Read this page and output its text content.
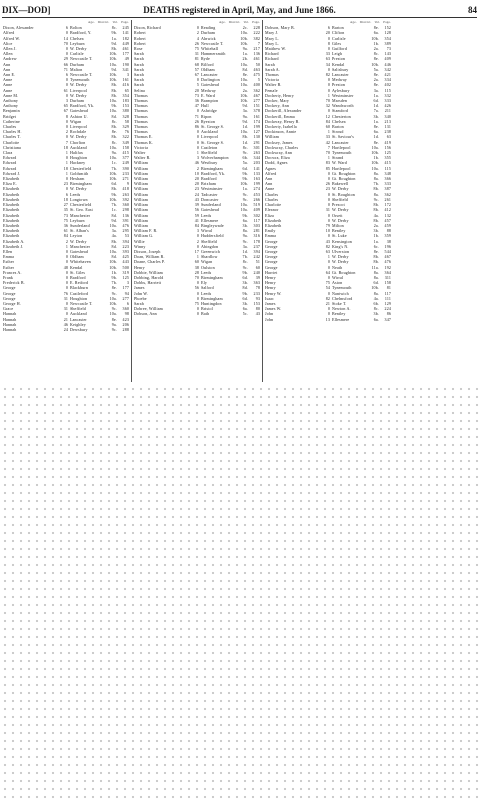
DIX—DOD]	DEATHS registered in April, May, and June 1866.	84
Age. District. Vol. Page.
Dixon, Alexander	6 Bolton	8c.	245
Alfred	0 Bradford, Y.	9b.	141
Alfred W.	14 Chelsea	1a.	182
Alice	70 Leyburn	9d.	449
Allen J.	0 W. Derby	8b.	461
Allen	0 Carlisle	10b.	177
Andrew	29 Newcastle T.	10b.	49
Ann	66 Durham	10a.	190
Ann	71 Malton	9d.	341
Ann E.	6 Newcastle T.	10b.	3
Anne	0 Tynemouth	10b.	161
Anne	0 W. Derby	8b.	416
Anne	61 Liverpool	8b.	65
Anne M.	0 W. Derby	8b.	354
Anthony	3 Durham	10a.	183
Anthony	65 Bradford, Yk.	9b.	153
Benjamin	67 Gateshead	10a.	380
Bridget	8 Ashton U.	8d.	328
Catherine	0 Wigan	8c.	58
Charles	0 Liverpool	8b.	329
Charles H.	2 Rochdale	8e.	76
Charles T.	0 W. Derby	8b.	322
Charlotte	7 Chorlton	8c.	349
Christiana	18 Auckland	10a.	158
Clara	1 Halifax	9a.	415
Edward	0 Houghton	10a.	377
Edward	1 Hackney	1c.	249
Edward	18 Chesterfield	7b.	390
Edward J.	1 Goldsmith	10b.	233
Elizabeth	0 Hexham	10b.	271
Eliza E.	23 Birmingham	6d.	9
Elizabeth	0 W. Derby	8b.	418
Elizabeth	6 Leeds	9b.	263
Elizabeth	18 Longtown	10b.	392
Elizabeth	27 Chesterfield	7b.	360
Elizabeth	35 St. Geo. East	1c.	298
Elizabeth	73 Manchester	8d.	136
Elizabeth	75 Leyburn	9d.	391
Elizabeth	36 Sunderland	10a.	476
Elizabeth	61 St. Alban's	3a.	295
Elizabeth	84 Leyton	4a.	53
Elizabeth A.	2 W. Derby	8b.	394
Elizabeth J.	1 Manchester	8d.	223
Ellen	0 Gateshead	10a.	393
Emma	0 Oldham	8d.	425
Esther	0 Whitehaven	10b.	443
Esther	48 Kendal	10b.	500
Frances A.	0 St. Giles	1b.	319
Frank	0 Bradford	9b.	125
Frederick B.	0 E. Retford	7b.	3
George	0 Blackburn	8e.	177
George	76 Castleford	9c.	94
George	31 Houghton	10a.	277
George H.	0 Newcastle T.	10b.	6
Grace	31 Sheffield	9c.	360
Hannah	0 Auckland	10a.	98
Hannah	21 Lancaster	8e.	423
Hannah	46 Keighley	9a.	206
Hannah	24 Dewsbury	9c.	288
Age. District. Vol. Page.
Dixon, Richard	0 Reading	2c.	228
Robert	2 Durham	10a.	222
Robert	4 Alnwick	10b.	382
Robert	26 Newcastle T.	10b.	7
Rose	75 Whitehall	9a.	217
Sarah	31 Hammersmith	1a.	136
Sarah	81 Ryde	2b.	461
Sarah	68 Bilford	10a.	50
Sarah	57 Oldham	8d.	463
Sarah	67 Lancaster	8e.	475
Sarah	0 Darlington	10a.	5
Sarah	5 Gateshead	10a.	400
Selina	20 Medway	2a.	362
Thomas	73 E. Ward	10b.	467
Thomas	36 Brampton	10b.	277
Thomas	47 Hull	9d.	151
Thomas	0 Ashridge	3a.	378
Thomas	71 Ripon	9a.	161
Thomas	26 Ryeston	9d.	174
Thomas	86 St. George S.	1d.	199
Thomas	0 Auckland	10a.	127
Thomas E.	0 Liverpool	8b.	130
Thomas K.	0 St. George S.	1d.	291
Victoria	0 Castleton	8c.	301
Walter	1 Sheffield	9c.	263
Walter R.	3 Wolverhampton	6b.	344
William	46 Westbury	5a.	203
William	2 Birmingham	6d.	141
William	10 Bradford, Yk.	9b.	133
William	20 Bradford	9b.	163
William	20 Brixham	10b.	199
William	23 Westminster	1a.	274
William	24 Tadcaster	9c.	453
William	43 Doncaster	9c.	266
William	39 Sunderland	10a.	519
William	56 Gateshead	10a.	409
William	59 Leeds	9b.	302
William	41 Ellesmere	6a.	117
William	84 Bingleywade	3b.	303
William F. R.	3 Wirral	8a.	281
William G.	0 Huddersfield	9a.	316
Willie	2 Sheffield	9c.	178
Winny	0 Abingdon	3a.	237
Dixson, Joseph	17 Greenwich	1d.	394
Doan, William R.	1 Shardlow	7b.	242
Doane, Charles P.	60 Wigan	8c.	51
Henry	38 Oulston	9c.	60
Dobbie, William	28 Leeds	9b.	240
Dobbing, Harold	70 Birmingham	6d.	39
Dobbs, Harriett	0 Ely	3b.	363
James	56 Salford	8d.	78
John W.	0 Leeds	9b.	233
Phoebe	0 Birmingham	6d.	93
Sarah	75 Huntingdon	3b.	153
Dobree, William	0 Bristol	6a.	80
Dobson, Ann	0 Bath	5c.	43
Age. District. Vol. Page.
Dobson, Mary B.	6 Barton	8e.	152
Mary J.	20 Clifton	6a.	128
Mary L.	0 Carlisle	10b.	354
Mary L.	8 Giles	1b.	389
Matthew W.	0 Guilford	2a.	73
Richard	33 Leigh	8c.	143
Richard	63 Preston	8e.	409
Sarah	34 Kendal	10b.	446
Sarah A.	0 Salisbury	5a.	342
Thomas	82 Lancaster	8e.	421
Victoria	0 Medway	2a.	334
Walter B.	0 Preston	8e.	402
Female	0 Aylesbury	3a.	115
Docherty, Henry	1 Westminster	1a.	332
Docker, Mary	70 Marsden	6d.	333
Dockery, Ann	32 Wandsworth	1d.	426
Dockerill, Alexander	0 Stamford	7a.	211
Dockerill, Emma	12 Chesterton	3b.	340
Dockeray, Henry B.	84 Chelsea	1a.	213
Dockerty, Isabella	60 Barton	8e.	131
Dockinson, Annie	1 Stroud	6a.	238
William	33 St. Saviour's	1d.	63
Docksey, James	42 Lancaster	8e.	419
Dockwray, Charles	7 Hartlepool	10a.	156
Dockwray, Ann	70 Tynemouth	10b.	125
Docwra, Eliza	1 Strand	1b.	355
Dodd, Agnes	83 W. Ward	10b.	415
Agnes	85 Hartlepool	10a.	115
Alfred	0 Gt. Boughton	8a.	348
Ann	0 Gt. Boughton	8a.	366
Ann	26 Bakewell	7b.	333
Anne	23 W. Derby	8b.	387
Charles	0 St. Boughton	8a.	362
Charles	0 Sheffield	9c.	261
Charlotte	0 Prescot	8b.	172
Eleanor	31 W. Derby	8b.	412
Eliza	0 Orsett	4a.	132
Elizabeth	0 W. Derby	8b.	457
Elizabeth	79 Milton	2a.	459
Emily	10 Bentley	3b.	88
Emma	0 St. Luke	1b.	359
George	43 Kensington	1a.	38
George	82 King's N.	6c.	196
George	63 Ulverston	8e.	544
George	1 W. Derby	8b.	467
George	0 W. Derby	8b.	476
George	0 Neath	11a.	192
Harriet	64 Gt. Boughton	8a.	364
Henry	0 Wirral	8a.	311
Henry	75 Aston	6d.	158
Henry	54 Tynemouth	10b.	81
Henry W.	0 Nantwich	8a.	117
Isaac	82 Chelmsford	4a.	111
James	21 Stoke T.	6b.	129
James W.	0 Newton A.	8c.	224
John	0 Bentley	3b.	86
John	13 Ellesmere	6a.	347
